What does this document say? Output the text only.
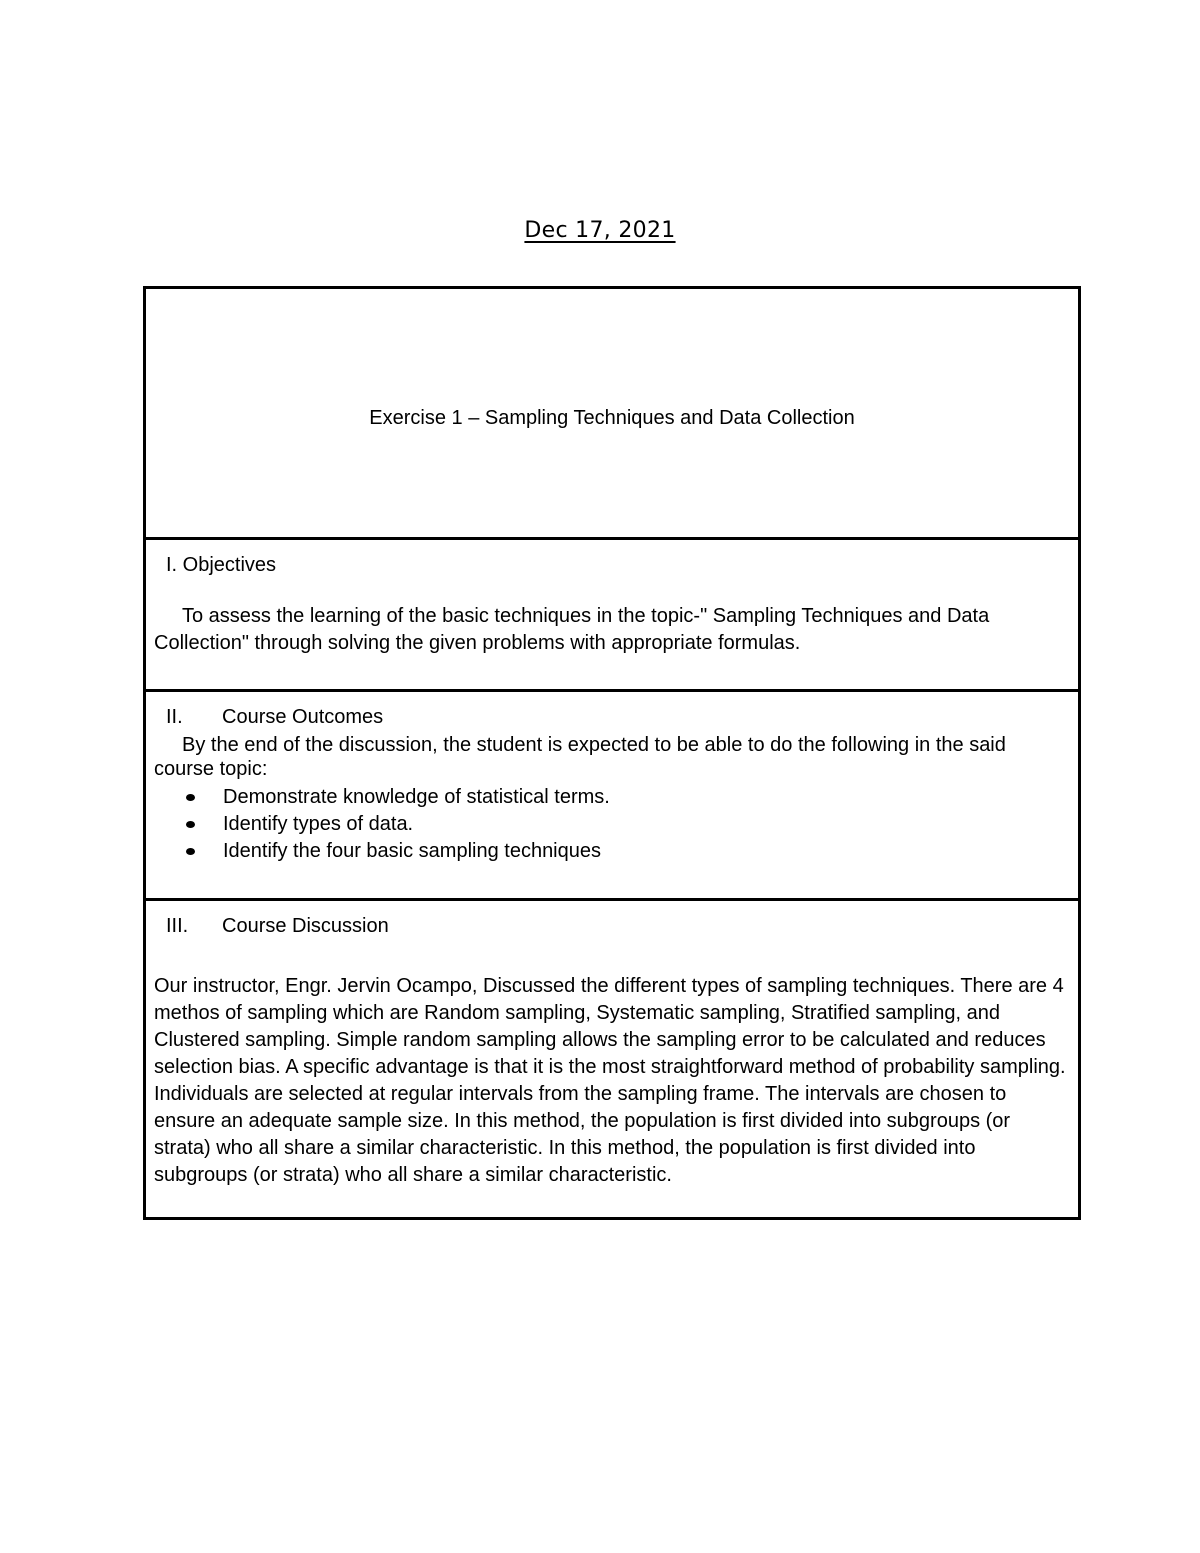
Dec 17, 2021
Exercise 1 – Sampling Techniques and Data Collection
I. Objectives
To assess the learning of the basic techniques in the topic-" Sampling Techniques and Data Collection" through solving the given problems with appropriate formulas.
II. Course Outcomes
By the end of the discussion, the student is expected to be able to do the following in the said course topic:
Demonstrate knowledge of statistical terms.
Identify types of data.
Identify the four basic sampling techniques
III. Course Discussion
Our instructor, Engr. Jervin Ocampo, Discussed the different types of sampling techniques. There are 4 methos of sampling which are Random sampling, Systematic sampling, Stratified sampling, and Clustered sampling. Simple random sampling allows the sampling error to be calculated and reduces selection bias. A specific advantage is that it is the most straightforward method of probability sampling. Individuals are selected at regular intervals from the sampling frame. The intervals are chosen to ensure an adequate sample size. In this method, the population is first divided into subgroups (or strata) who all share a similar characteristic. In this method, the population is first divided into subgroups (or strata) who all share a similar characteristic.
